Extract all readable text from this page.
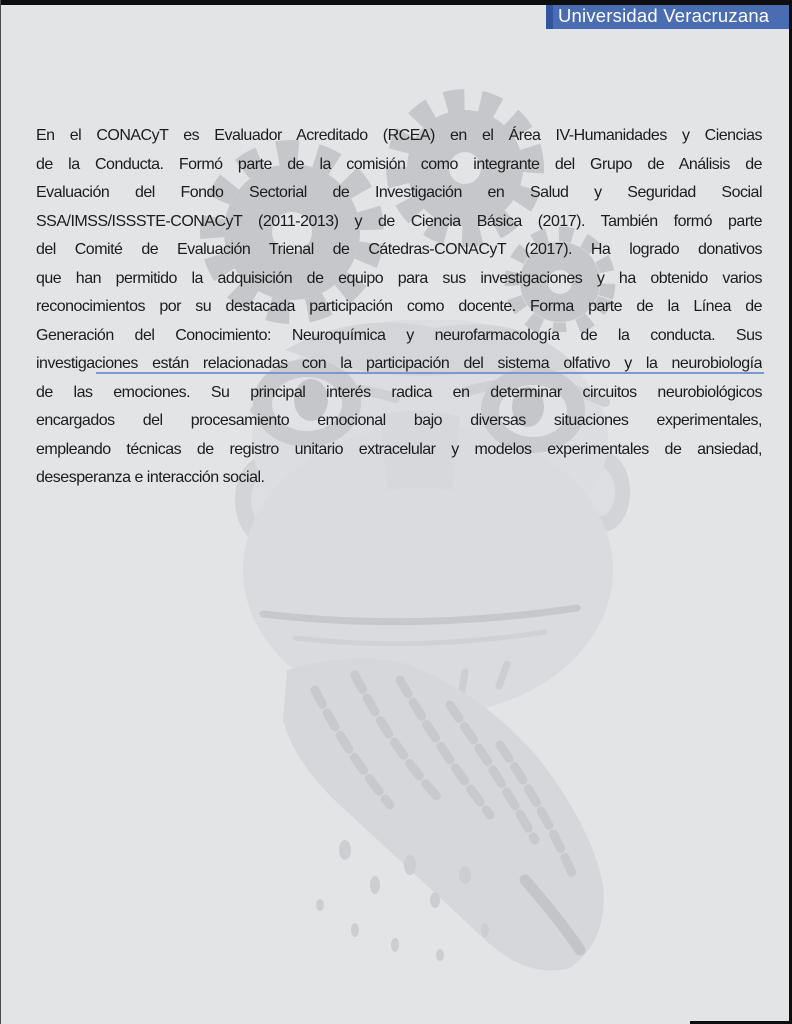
Universidad Veracruzana
En el CONACyT es Evaluador Acreditado (RCEA) en el Área IV-Humanidades y Ciencias
de la Conducta. Formó parte de la comisión como integrante del Grupo de Análisis de
Evaluación del Fondo Sectorial de Investigación en Salud y Seguridad Social
SSA/IMSS/ISSSTE-CONACyT (2011-2013) y de Ciencia Básica (2017). También formó parte
del Comité de Evaluación Trienal de Cátedras-CONACyT (2017). Ha logrado donativos
que han permitido la adquisición de equipo para sus investigaciones y ha obtenido varios
reconocimientos por su destacada participación como docente. Forma parte de la Línea de
Generación del Conocimiento: Neuroquímica y neurofarmacología de la conducta. Sus
investigaciones están relacionadas con la participación del sistema olfativo y la neurobiología
de las emociones. Su principal interés radica en determinar circuitos neurobiológicos
encargados del procesamiento emocional bajo diversas situaciones experimentales,
empleando técnicas de registro unitario extracelular y modelos experimentales de ansiedad,
desesperanza e interacción social.
